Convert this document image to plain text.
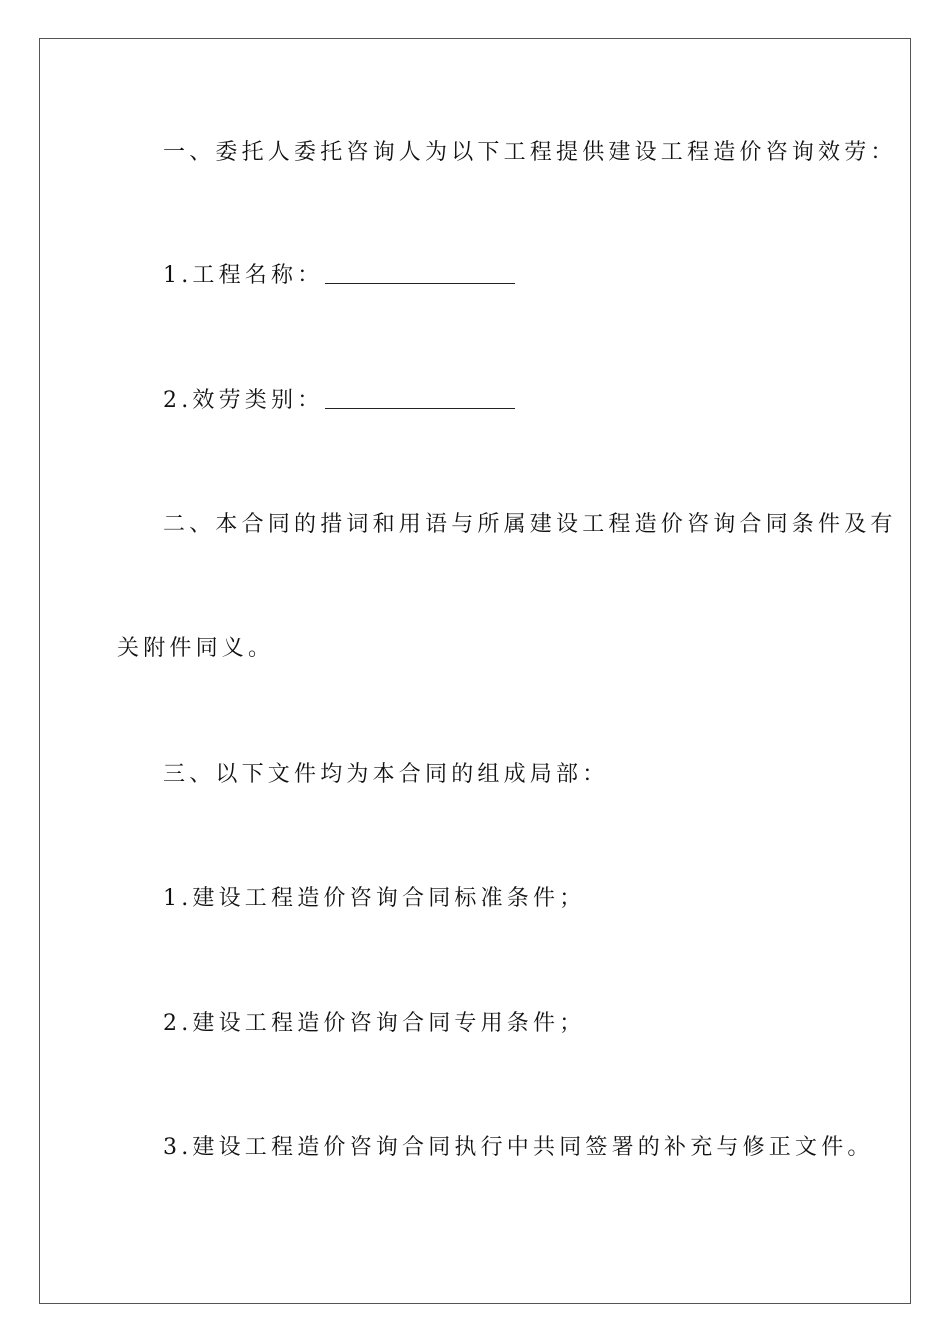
一、委托人委托咨询人为以下工程提供建设工程造价咨询效劳：
1.工程名称：
2.效劳类别：
二、本合同的措词和用语与所属建设工程造价咨询合同条件及有
关附件同义。
三、以下文件均为本合同的组成局部：
1.建设工程造价咨询合同标准条件；
2.建设工程造价咨询合同专用条件；
3.建设工程造价咨询合同执行中共同签署的补充与修正文件。
